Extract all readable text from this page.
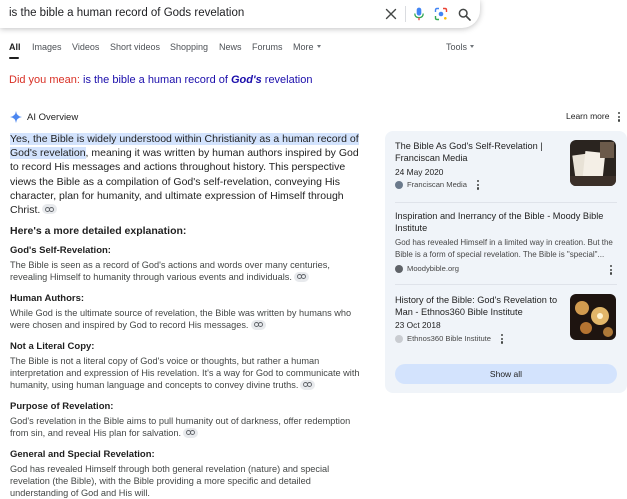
is the bible a human record of Gods revelation
All Images Videos Short videos Shopping News Forums More	Tools
Did you mean: is the bible a human record of God's revelation
AI Overview	Learn more

Yes, the Bible is widely understood within Christianity as a human record of God's revelation, meaning it was written by human authors inspired by God to record His messages and actions throughout history. This perspective views the Bible as a compilation of God's self-revelation, conveying His character, plan for humanity, and ultimate expression of Himself through Christ.

Here's a more detailed explanation:
God's Self-Revelation:
The Bible is seen as a record of God's actions and words over many centuries, revealing Himself to humanity through various events and individuals.
Human Authors:
While God is the ultimate source of revelation, the Bible was written by humans who were chosen and inspired by God to record His messages.
Not a Literal Copy:
The Bible is not a literal copy of God's voice or thoughts, but rather a human interpretation and expression of His revelation. It's a way for God to communicate with humanity, using human language and concepts to convey divine truths.
Purpose of Revelation:
God's revelation in the Bible aims to pull humanity out of darkness, offer redemption from sin, and reveal His plan for salvation.
General and Special Revelation:
God has revealed Himself through both general revelation (nature) and special revelation (the Bible), with the Bible providing a more specific and detailed understanding of God and His will.
The Bible As God's Self-Revelation | Franciscan Media
24 May 2020
Franciscan Media
Inspiration and Inerrancy of the Bible - Moody Bible Institute
God has revealed Himself in a limited way in creation. But the Bible is a form of special revelation. The Bible is "special"...
Moodybible.org
History of the Bible: God's Revelation to Man - Ethnos360 Bible Institute
23 Oct 2018
Ethnos360 Bible Institute
Show all
